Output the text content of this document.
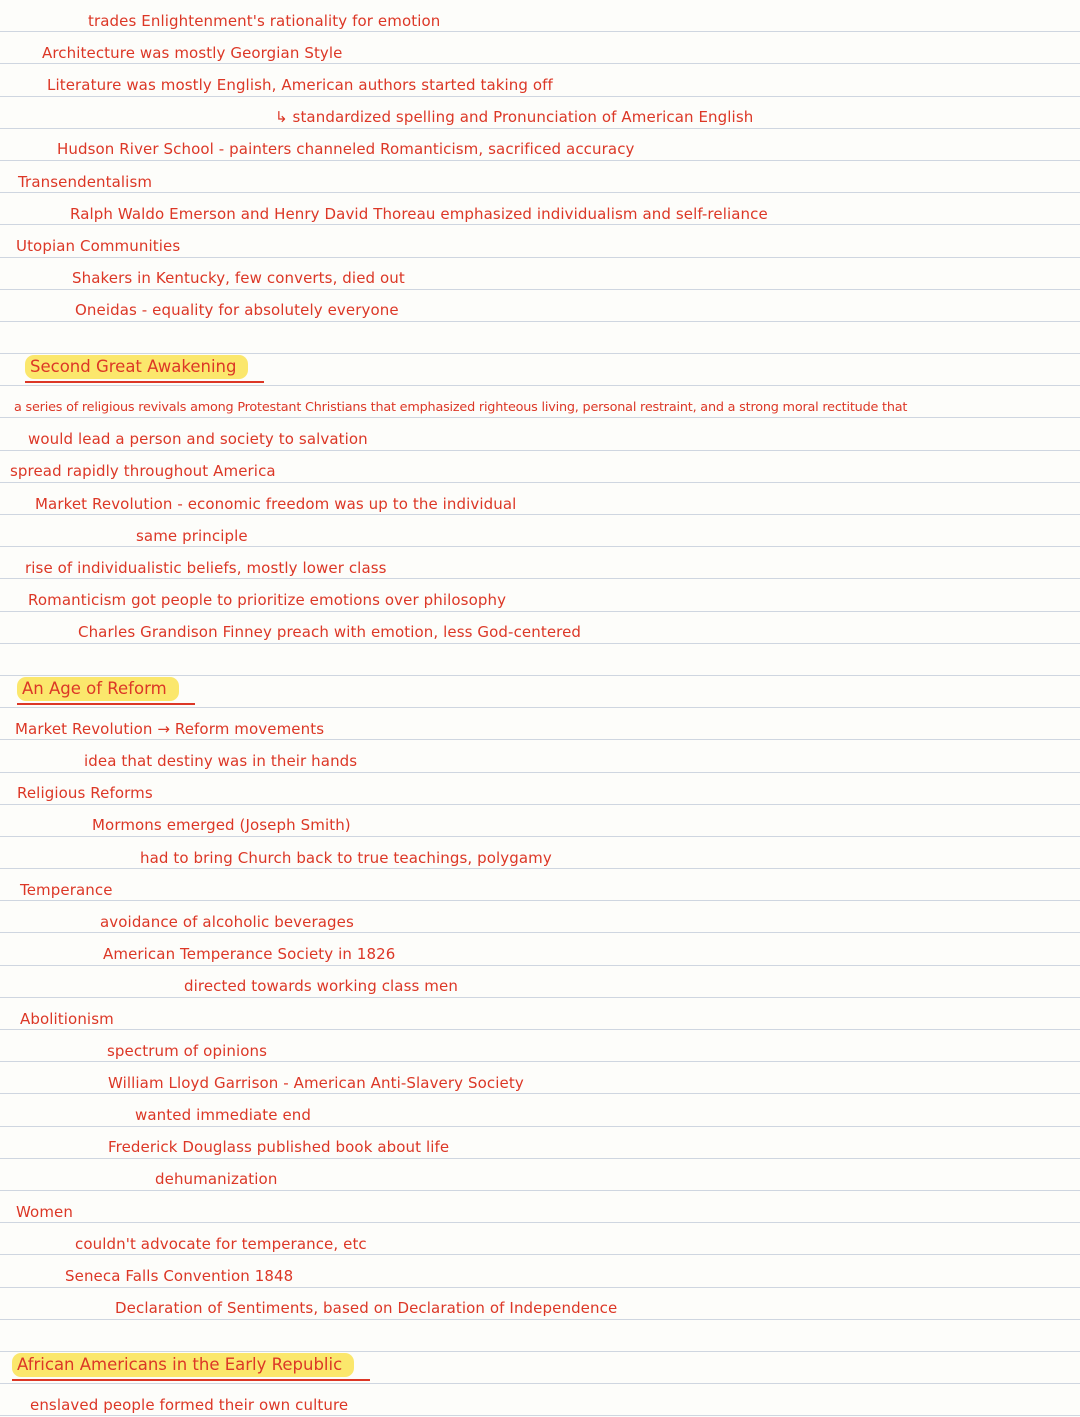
trades Enlightenment's rationality for emotion
Architecture was mostly Georgian Style
Literature was mostly English, American authors started taking off
↳ standardized spelling and Pronunciation of American English
Hudson River School - painters channeled Romanticism, sacrificed accuracy
Transendentalism
Ralph Waldo Emerson and Henry David Thoreau emphasized individualism and self-reliance
Utopian Communities
Shakers in Kentucky, few converts, died out
Oneidas - equality for absolutely everyone
Second Great Awakening
a series of religious revivals among Protestant Christians that emphasized righteous living, personal restraint, and a strong moral rectitude that
would lead a person and society to salvation
spread rapidly throughout America
Market Revolution - economic freedom was up to the individual
same principle
rise of individualistic beliefs, mostly lower class
Romanticism got people to prioritize emotions over philosophy
Charles Grandison Finney preach with emotion, less God-centered
An Age of Reform
Market Revolution → Reform movements
idea that destiny was in their hands
Religious Reforms
Mormons emerged (Joseph Smith)
had to bring Church back to true teachings, polygamy
Temperance
avoidance of alcoholic beverages
American Temperance Society in 1826
directed towards working class men
Abolitionism
spectrum of opinions
William Lloyd Garrison - American Anti-Slavery Society
wanted immediate end
Frederick Douglass published book about life
dehumanization
Women
couldn't advocate for temperance, etc
Seneca Falls Convention 1848
Declaration of Sentiments, based on Declaration of Independence
African Americans in the Early Republic
enslaved people formed their own culture
